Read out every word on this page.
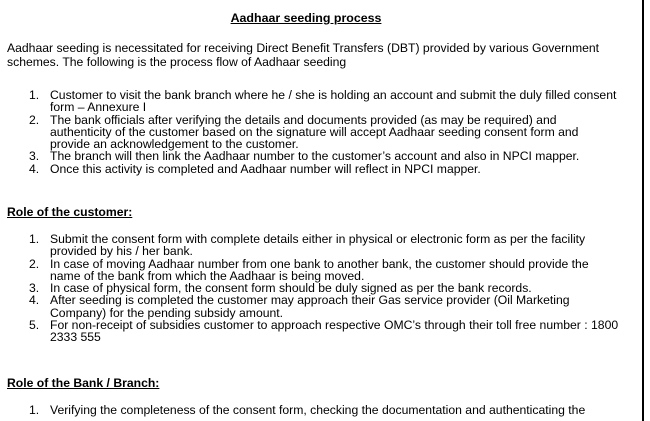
Aadhaar seeding process

Aadhaar seeding is necessitated for receiving Direct Benefit Transfers (DBT) provided by various Government schemes. The following is the process flow of Aadhaar seeding

1. Customer to visit the bank branch where he / she is holding an account and submit the duly filled consent form – Annexure I
2. The bank officials after verifying the details and documents provided (as may be required) and authenticity of the customer based on the signature will accept Aadhaar seeding consent form and provide an acknowledgement to the customer.
3. The branch will then link the Aadhaar number to the customer’s account and also in NPCI mapper.
4. Once this activity is completed and Aadhaar number will reflect in NPCI mapper.

Role of the customer:

1. Submit the consent form with complete details either in physical or electronic form as per the facility provided by his / her bank.
2. In case of moving Aadhaar number from one bank to another bank, the customer should provide the name of the bank from which the Aadhaar is being moved.
3. In case of physical form, the consent form should be duly signed as per the bank records.
4. After seeding is completed the customer may approach their Gas service provider (Oil Marketing Company) for the pending subsidy amount.
5. For non-receipt of subsidies customer to approach respective OMC’s through their toll free number : 1800 2333 555

Role of the Bank / Branch:

1. Verifying the completeness of the consent form, checking the documentation and authenticating the
